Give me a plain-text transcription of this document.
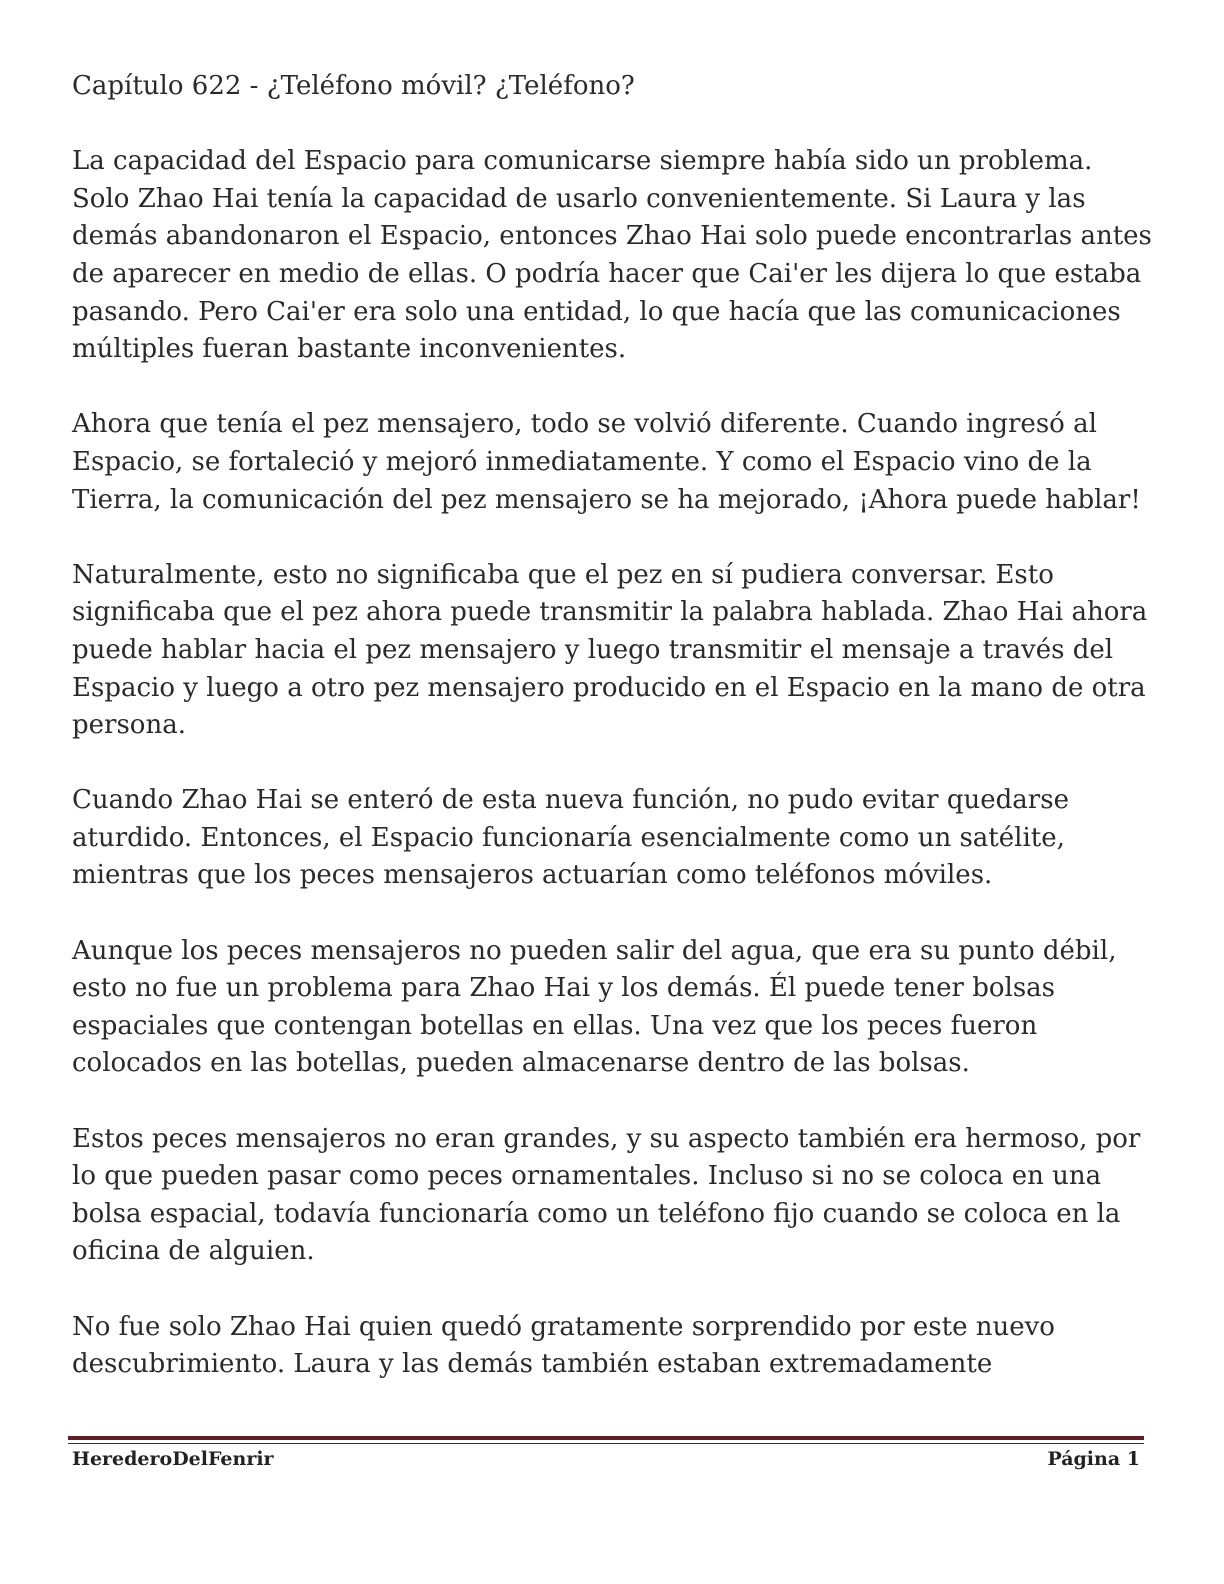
Capítulo 622 - ¿Teléfono móvil? ¿Teléfono?

La capacidad del Espacio para comunicarse siempre había sido un problema. Solo Zhao Hai tenía la capacidad de usarlo convenientemente. Si Laura y las demás abandonaron el Espacio, entonces Zhao Hai solo puede encontrarlas antes de aparecer en medio de ellas. O podría hacer que Cai'er les dijera lo que estaba pasando. Pero Cai'er era solo una entidad, lo que hacía que las comunicaciones múltiples fueran bastante inconvenientes.

Ahora que tenía el pez mensajero, todo se volvió diferente. Cuando ingresó al Espacio, se fortaleció y mejoró inmediatamente. Y como el Espacio vino de la Tierra, la comunicación del pez mensajero se ha mejorado, ¡Ahora puede hablar!

Naturalmente, esto no significaba que el pez en sí pudiera conversar. Esto significaba que el pez ahora puede transmitir la palabra hablada. Zhao Hai ahora puede hablar hacia el pez mensajero y luego transmitir el mensaje a través del Espacio y luego a otro pez mensajero producido en el Espacio en la mano de otra persona.

Cuando Zhao Hai se enteró de esta nueva función, no pudo evitar quedarse aturdido. Entonces, el Espacio funcionaría esencialmente como un satélite, mientras que los peces mensajeros actuarían como teléfonos móviles.

Aunque los peces mensajeros no pueden salir del agua, que era su punto débil, esto no fue un problema para Zhao Hai y los demás. Él puede tener bolsas espaciales que contengan botellas en ellas. Una vez que los peces fueron colocados en las botellas, pueden almacenarse dentro de las bolsas.

Estos peces mensajeros no eran grandes, y su aspecto también era hermoso, por lo que pueden pasar como peces ornamentales. Incluso si no se coloca en una bolsa espacial, todavía funcionaría como un teléfono fijo cuando se coloca en la oficina de alguien.

No fue solo Zhao Hai quien quedó gratamente sorprendido por este nuevo descubrimiento. Laura y las demás también estaban extremadamente

HerederoDelFenrir	Página 1
